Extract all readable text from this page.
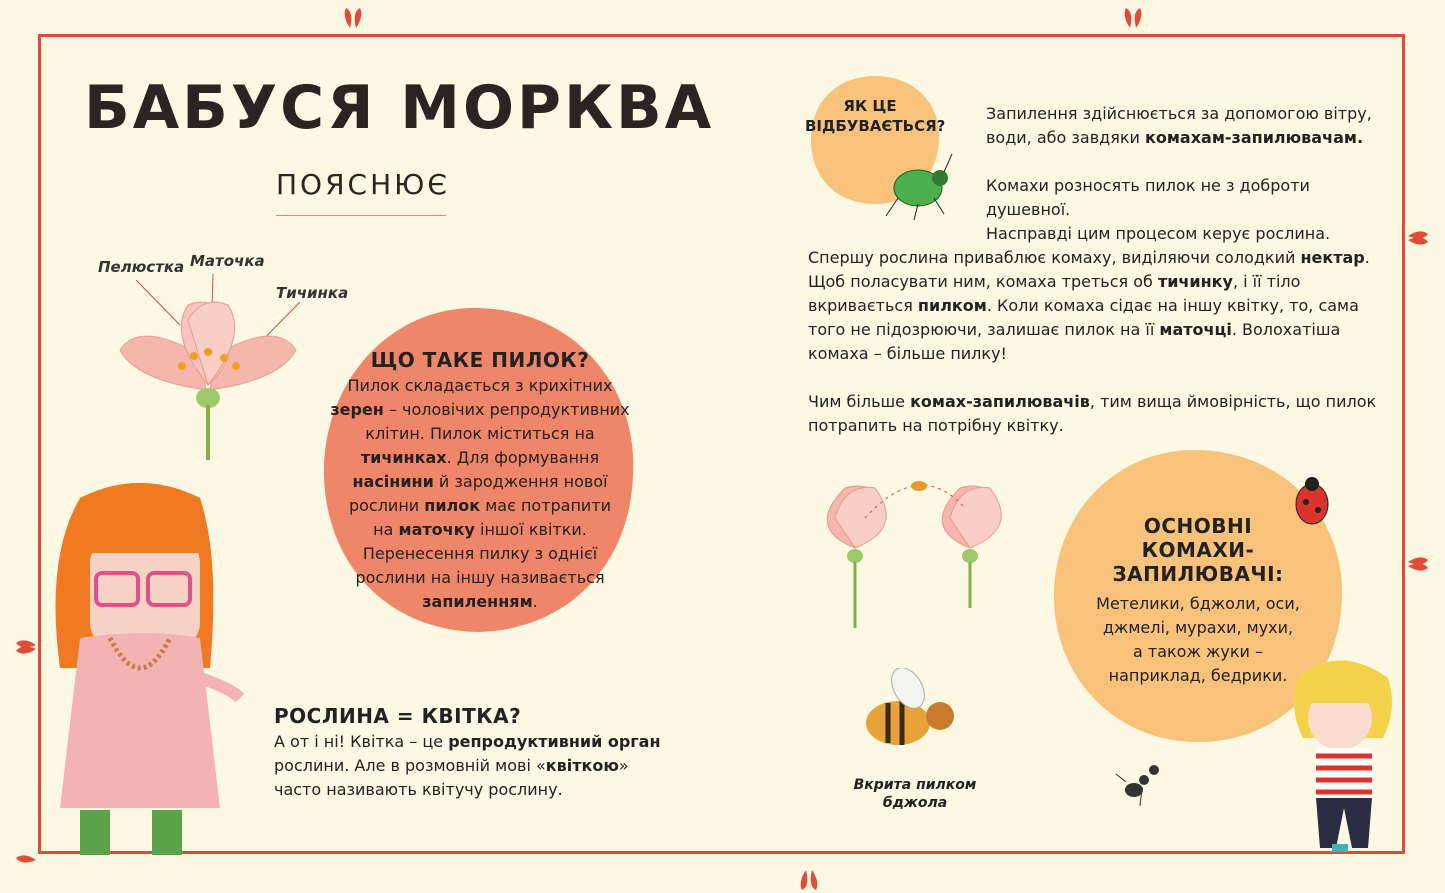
БАБУСЯ МОРКВА
ПОЯСНЮЄ
Пелюстка Маточка
Тичинка
ЩО ТАКЕ ПИЛОК?
Пилок складається з крихітних
зерен – чоловічих репродуктивних
клітин. Пилок міститься на
тичинках. Для формування
насінини й зародження нової
рослини пилок має потрапити
на маточку іншої квітки.
Перенесення пилку з однієї
рослини на іншу називається
запиленням.
РОСЛИНА = КВІТКА?
А от і ні! Квітка – це репродуктивний орган
рослини. Але в розмовній мові «квіткою»
часто називають квітучу рослину.
ЯК ЦЕ
ВІДБУВАЄТЬСЯ?
Запилення здійснюється за допомогою вітру,
води, або завдяки комахам-запилювачам.
Комахи розносять пилок не з доброти душевної.
Насправді цим процесом керує рослина.
Спершу рослина приваблює комаху, виділяючи солодкий нектар.
Щоб поласувати ним, комаха треться об тичинку, і її тіло
вкривається пилком. Коли комаха сідає на іншу квітку, то, сама
того не підозрюючи, залишає пилок на її маточці. Волохатіша
комаха – більше пилку!
Чим більше комах-запилювачів, тим вища ймовірність, що пилок
потрапить на потрібну квітку.
Вкрита пилком
бджола
ОСНОВНІ
КОМАХИ-ЗАПИЛЮВАЧІ:
Метелики, бджоли, оси,
джмелі, мурахи, мухи,
а також жуки –
наприклад, бедрики.
